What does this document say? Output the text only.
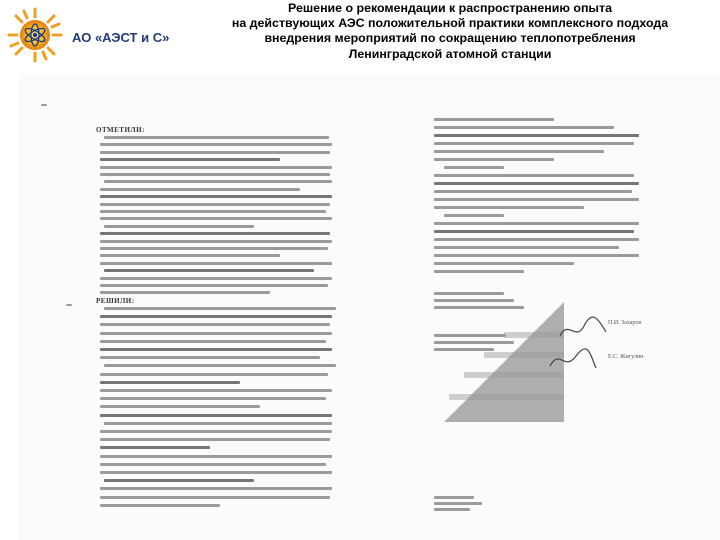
АО «АЭСТ и С»
Решение о рекомендации к распространению опыта
на действующих АЭС положительной практики комплексного подхода
внедрения мероприятий по сокращению теплопотребления
Ленинградской атомной станции
ОТМЕТИЛИ:
РЕШИЛИ:
П.И. Захаров
Е.С. Жигулин
